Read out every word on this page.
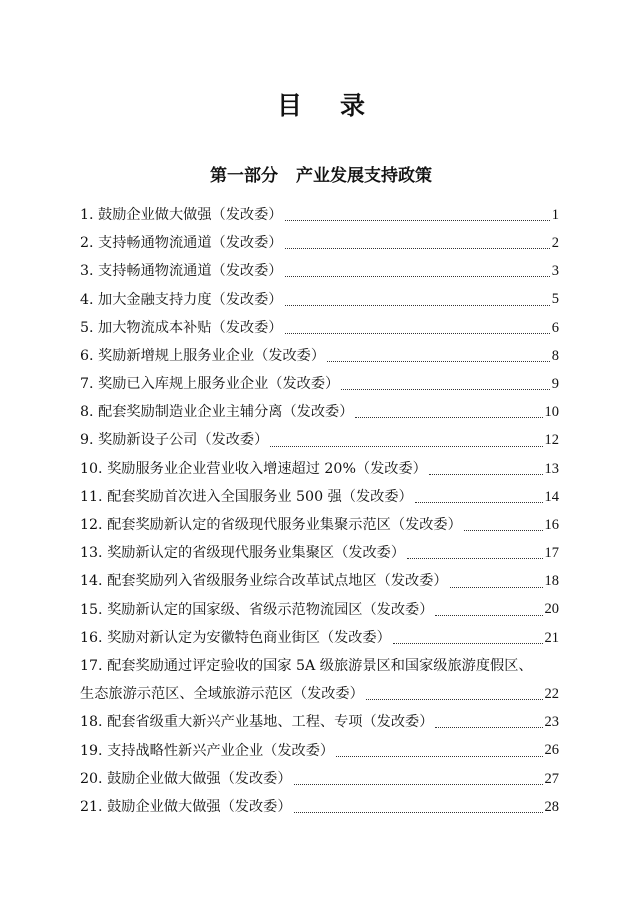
目 录
第一部分 产业发展支持政策
1. 鼓励企业做大做强（发改委）	1
2. 支持畅通物流通道（发改委）	2
3. 支持畅通物流通道（发改委）	3
4. 加大金融支持力度（发改委）	5
5. 加大物流成本补贴（发改委）	6
6. 奖励新增规上服务业企业（发改委）	8
7. 奖励已入库规上服务业企业（发改委）	9
8. 配套奖励制造业企业主辅分离（发改委）	10
9. 奖励新设子公司（发改委）	12
10. 奖励服务业企业营业收入增速超过 20%（发改委）	13
11. 配套奖励首次进入全国服务业 500 强（发改委）	14
12. 配套奖励新认定的省级现代服务业集聚示范区（发改委）	16
13. 奖励新认定的省级现代服务业集聚区（发改委）	17
14. 配套奖励列入省级服务业综合改革试点地区（发改委）	18
15. 奖励新认定的国家级、省级示范物流园区（发改委）	20
16. 奖励对新认定为安徽特色商业街区（发改委）	21
17. 配套奖励通过评定验收的国家 5A 级旅游景区和国家级旅游度假区、
生态旅游示范区、全域旅游示范区（发改委）	22
18. 配套省级重大新兴产业基地、工程、专项（发改委）	23
19. 支持战略性新兴产业企业（发改委）	26
20. 鼓励企业做大做强（发改委）	27
21. 鼓励企业做大做强（发改委）	28
